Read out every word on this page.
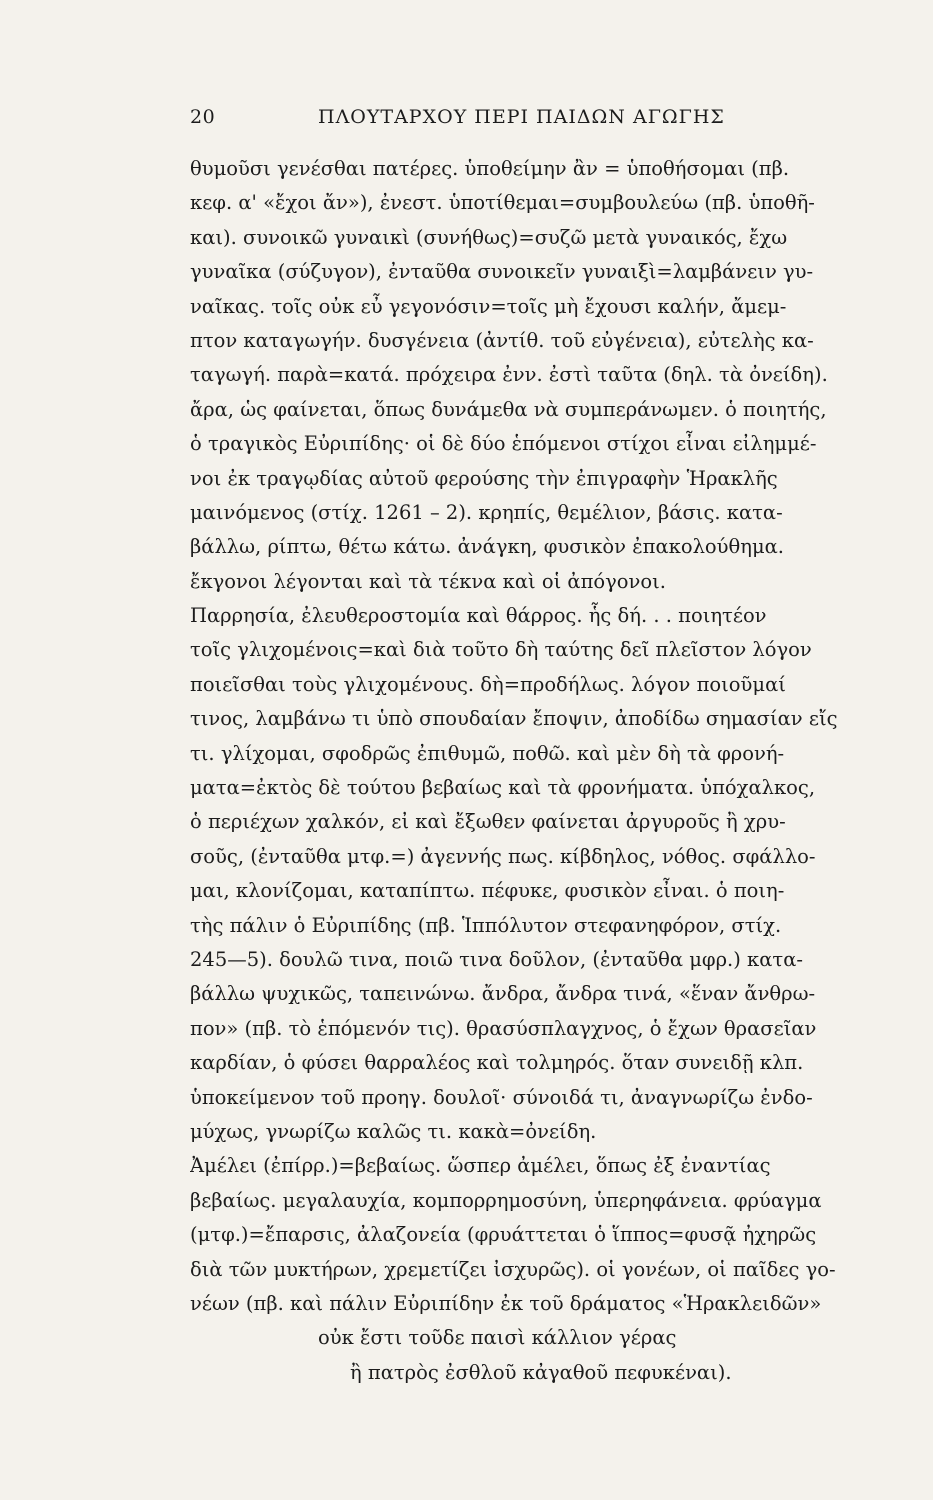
20	ΠΛΟΥΤΑΡΧΟΥ ΠΕΡΙ ΠΑΙΔΩΝ ΑΓΩΓΗΣ
θυμοῦσι γενέσθαι πατέρες. ὑποθείμην ἂν = ὑποθήσομαι (πβ.
κεφ. α' «ἔχοι ἄν»), ἐνεστ. ὑποτίθεμαι=συμβουλεύω (πβ. ὑποθῆ-
και). συνοικῶ γυναικὶ (συνήθως)=συζῶ μετὰ γυναικός, ἔχω
γυναῖκα (σύζυγον), ἐνταῦθα συνοικεῖν γυναιξὶ=λαμβάνειν γυ-
ναῖκας. τοῖς οὐκ εὖ γεγονόσιν=τοῖς μὴ ἔχουσι καλήν, ἄμεμ-
πτον καταγωγήν. δυσγένεια (ἀντίθ. τοῦ εὐγένεια), εὐτελὴς κα-
ταγωγή. παρὰ=κατά. πρόχειρα ἐνν. ἐστὶ ταῦτα (δηλ. τὰ ὀνείδη).
ἄρα, ὡς φαίνεται, ὅπως δυνάμεθα νὰ συμπεράνωμεν. ὁ ποιητής,
ὁ τραγικὸς Εὐριπίδης· οἱ δὲ δύο ἑπόμενοι στίχοι εἶναι εἰλημμέ-
νοι ἐκ τραγῳδίας αὐτοῦ φερούσης τὴν ἐπιγραφὴν Ἡρακλῆς
μαινόμενος (στίχ. 1261 – 2). κρηπίς, θεμέλιον, βάσις. κατα-
βάλλω, ρίπτω, θέτω κάτω. ἀνάγκη, φυσικὸν ἐπακολούθημα.
ἔκγονοι λέγονται καὶ τὰ τέκνα καὶ οἱ ἀπόγονοι.
Παρρησία, ἐλευθεροστομία καὶ θάρρος. ἧς δή. . . ποιητέον
τοῖς γλιχομένοις=καὶ διὰ τοῦτο δὴ ταύτης δεῖ πλεῖστον λόγον
ποιεῖσθαι τοὺς γλιχομένους. δὴ=προδήλως. λόγον ποιοῦμαί
τινος, λαμβάνω τι ὑπὸ σπουδαίαν ἔποψιν, ἀποδίδω σημασίαν εἴς
τι. γλίχομαι, σφοδρῶς ἐπιθυμῶ, ποθῶ. καὶ μὲν δὴ τὰ φρονή-
ματα=ἐκτὸς δὲ τούτου βεβαίως καὶ τὰ φρονήματα. ὑπόχαλκος,
ὁ περιέχων χαλκόν, εἰ καὶ ἔξωθεν φαίνεται ἀργυροῦς ἢ χρυ-
σοῦς, (ἐνταῦθα μτφ.=) ἀγεννής πως. κίβδηλος, νόθος. σφάλλο-
μαι, κλονίζομαι, καταπίπτω. πέφυκε, φυσικὸν εἶναι. ὁ ποιη-
τὴς πάλιν ὁ Εὐριπίδης (πβ. Ἱππόλυτον στεφανηφόρον, στίχ.
245—5). δουλῶ τινα, ποιῶ τινα δοῦλον, (ἐνταῦθα μφρ.) κατα-
βάλλω ψυχικῶς, ταπεινώνω. ἄνδρα, ἄνδρα τινά, «ἕναν ἄνθρω-
πον» (πβ. τὸ ἑπόμενόν τις). θρασύσπλαγχνος, ὁ ἔχων θρασεῖαν
καρδίαν, ὁ φύσει θαρραλέος καὶ τολμηρός. ὅταν συνειδῇ κλπ.
ὑποκείμενον τοῦ προηγ. δουλοῖ· σύνοιδά τι, ἀναγνωρίζω ἐνδο-
μύχως, γνωρίζω καλῶς τι. κακὰ=ὀνείδη.
Ἀμέλει (ἐπίρρ.)=βεβαίως. ὥσπερ ἀμέλει, ὅπως ἐξ ἐναντίας
βεβαίως. μεγαλαυχία, κομπορρημοσύνη, ὑπερηφάνεια. φρύαγμα
(μτφ.)=ἔπαρσις, ἀλαζονεία (φρυάττεται ὁ ἵππος=φυσᾷ ἠχηρῶς
διὰ τῶν μυκτήρων, χρεμετίζει ἰσχυρῶς). οἱ γονέων, οἱ παῖδες γο-
νέων (πβ. καὶ πάλιν Εὐριπίδην ἐκ τοῦ δράματος «Ἡρακλειδῶν»
οὐκ ἔστι τοῦδε παισὶ κάλλιον γέρας
ἢ πατρὸς ἐσθλοῦ κἀγαθοῦ πεφυκέναι).
